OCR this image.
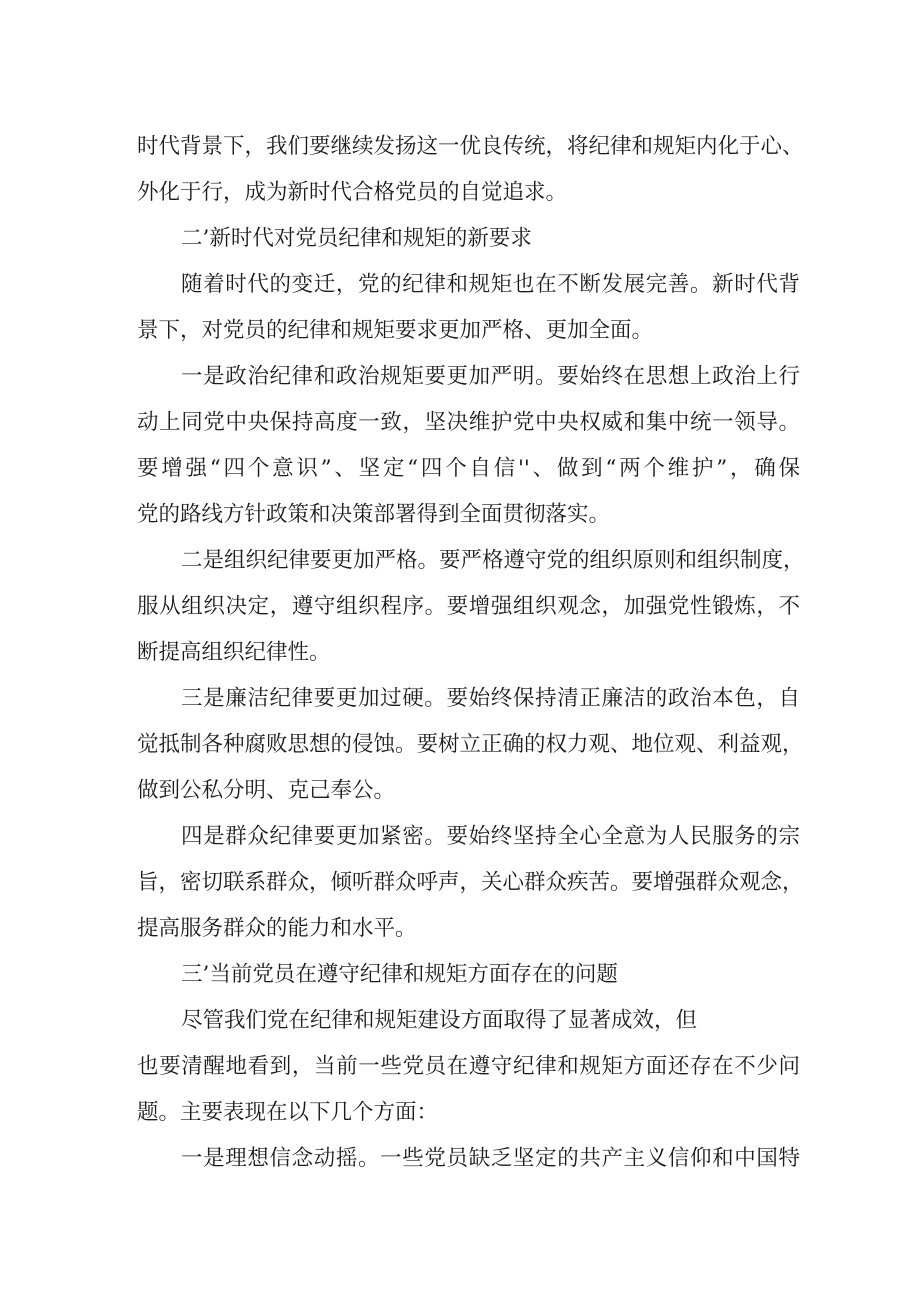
时代背景下，我们要继续发扬这一优良传统，将纪律和规矩内化于心、
外化于行，成为新时代合格党员的自觉追求。
二’新时代对党员纪律和规矩的新要求
随着时代的变迁，党的纪律和规矩也在不断发展完善。新时代背
景下，对党员的纪律和规矩要求更加严格、更加全面。
一是政治纪律和政治规矩要更加严明。要始终在思想上政治上行
动上同党中央保持高度一致，坚决维护党中央权威和集中统一领导。
要增强“四个意识”、坚定“四个自信''、做到“两个维护”，确保
党的路线方针政策和决策部署得到全面贯彻落实。
二是组织纪律要更加严格。要严格遵守党的组织原则和组织制度，
服从组织决定，遵守组织程序。要增强组织观念，加强党性锻炼，不
断提高组织纪律性。
三是廉洁纪律要更加过硬。要始终保持清正廉洁的政治本色，自
觉抵制各种腐败思想的侵蚀。要树立正确的权力观、地位观、利益观，
做到公私分明、克己奉公。
四是群众纪律要更加紧密。要始终坚持全心全意为人民服务的宗
旨，密切联系群众，倾听群众呼声，关心群众疾苦。要增强群众观念，
提高服务群众的能力和水平。
三’当前党员在遵守纪律和规矩方面存在的问题
尽管我们党在纪律和规矩建设方面取得了显著成效，但
也要清醒地看到，当前一些党员在遵守纪律和规矩方面还存在不少问
题。主要表现在以下几个方面：
一是理想信念动摇。一些党员缺乏坚定的共产主义信仰和中国特
